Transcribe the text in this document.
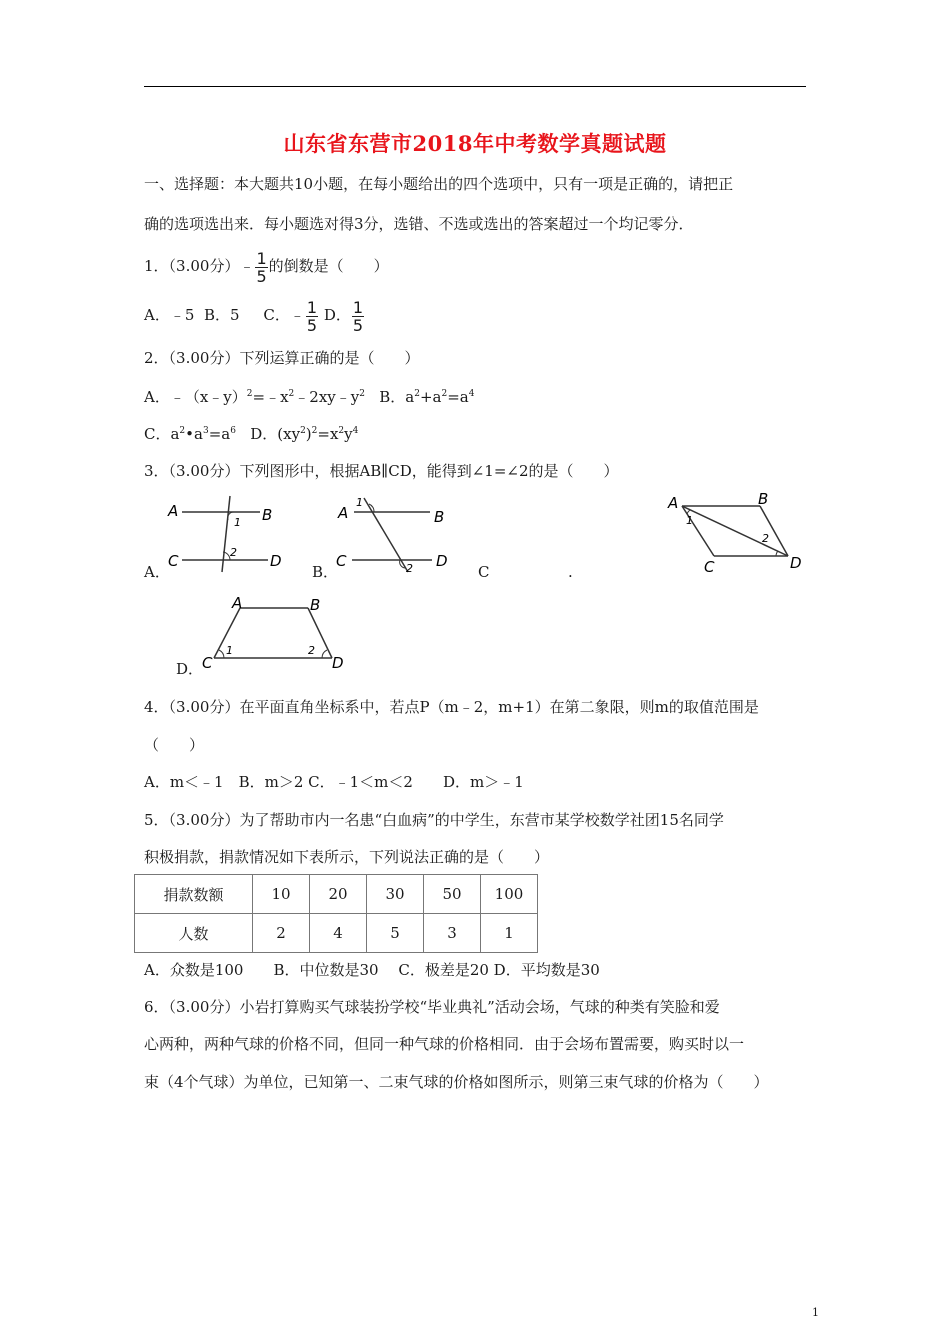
山东省东营市2018年中考数学真题试题
一、选择题：本大题共10小题，在每小题给出的四个选项中，只有一项是正确的，请把正
确的选项选出来．每小题选对得3分，选错、不选或选出的答案超过一个均记零分．
1．（3.00分）﹣ $\frac{1}{5}$ 的倒数是（　　）
A．﹣5 B．5 C．﹣ $\frac{1}{5}$ D． $\frac{1}{5}$
2．（3.00分）下列运算正确的是（　　）
A．$﹣(x﹣y)^2=﹣x^2﹣2xy﹣y^2$ B．$a^2+a^2=a^4$
C．$a^2•a^3=a^6$ D．$(xy^2)^2=x^2y^4$
3．（3.00分）下列图形中，根据AB∥CD，能得到∠1=∠2的是（　　）
A．
A	B
C	D
1
2
B．
A	B
C	D
1
2	C	.
A	B
C	D
1
2
D．
A	B
C	D
1	2
4．（3.00分）在平面直角坐标系中，若点P（m﹣2，m+1）在第二象限，则m的取值范围是
（　　）
A．m＜﹣1　B．m＞2 C．﹣1＜m＜2　　D．m＞﹣1
5．（3.00分）为了帮助市内一名患“白血病”的中学生，东营市某学校数学社团15名同学
积极捐款，捐款情况如下表所示，下列说法正确的是（　　）
捐款数额	10	20	30	50	100
人数	2	4	5	3	1
A．众数是100　　B．中位数是30　 C．极差是20 D．平均数是30
6．（3.00分）小岩打算购买气球装扮学校“毕业典礼”活动会场，气球的种类有笑脸和爱
心两种，两种气球的价格不同，但同一种气球的价格相同．由于会场布置需要，购买时以一
束（4个气球）为单位，已知第一、二束气球的价格如图所示，则第三束气球的价格为（　　）
1
